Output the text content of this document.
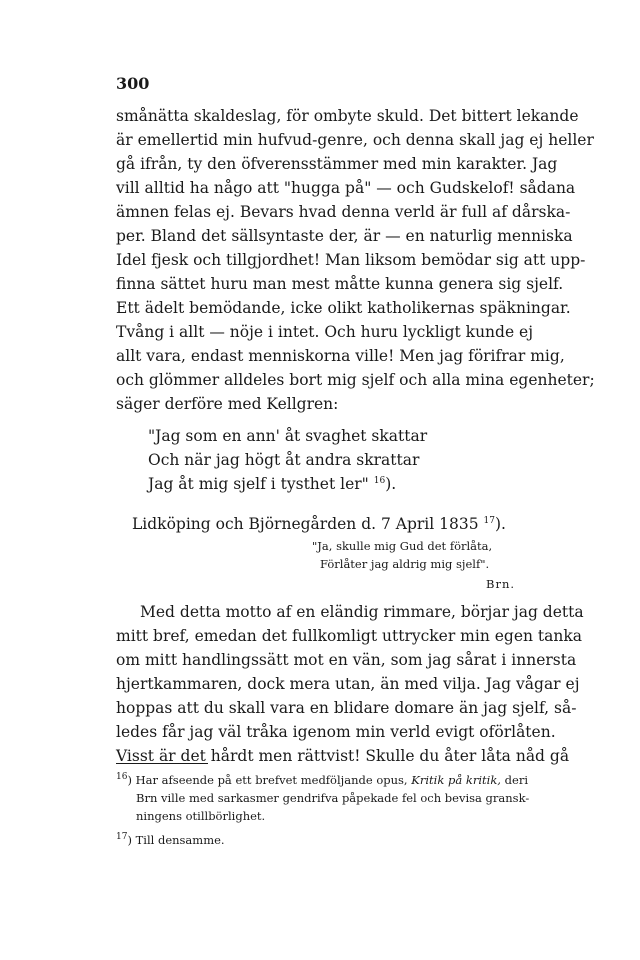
300
smånätta skaldeslag, för ombyte skuld. Det bittert lekande
är emellertid min hufvud-genre, och denna skall jag ej heller
gå ifrån, ty den öfverensstämmer med min karakter. Jag
vill alltid ha någo att "hugga på" — och Gudskelof! sådana
ämnen felas ej. Bevars hvad denna verld är full af dårska-
per. Bland det sällsyntaste der, är — en naturlig menniska
Idel fjesk och tillgjordhet! Man liksom bemödar sig att upp-
finna sättet huru man mest måtte kunna genera sig sjelf.
Ett ädelt bemödande, icke olikt katholikernas späkningar.
Tvång i allt — nöje i intet. Och huru lyckligt kunde ej
allt vara, endast menniskorna ville! Men jag förifrar mig,
och glömmer alldeles bort mig sjelf och alla mina egenheter;
säger derföre med Kellgren:
"Jag som en ann' åt svaghet skattar
Och när jag högt åt andra skrattar
Jag åt mig sjelf i tysthet ler" $^{16}$).
Lidköping och Björnegården d. 7 April 1835 $^{17}$).
"Ja, skulle mig Gud det förlåta,
Förlåter jag aldrig mig sjelf".
Brn.
Med detta motto af en eländig rimmare, börjar jag detta
mitt bref, emedan det fullkomligt uttrycker min egen tanka
om mitt handlingssätt mot en vän, som jag sårat i innersta
hjertkammaren, dock mera utan, än med vilja. Jag vågar ej
hoppas att du skall vara en blidare domare än jag sjelf, så-
ledes får jag väl tråka igenom min verld evigt oförlåten.
Visst är det hårdt men rättvist! Skulle du åter låta nåd gå
$^{16}$) Har afseende på ett brefvet medföljande opus, Kritik på kritik, deri
Brn ville med sarkasmer gendrifva påpekade fel och bevisa gransk-
ningens otillbörlighet.
$^{17}$) Till densamme.
